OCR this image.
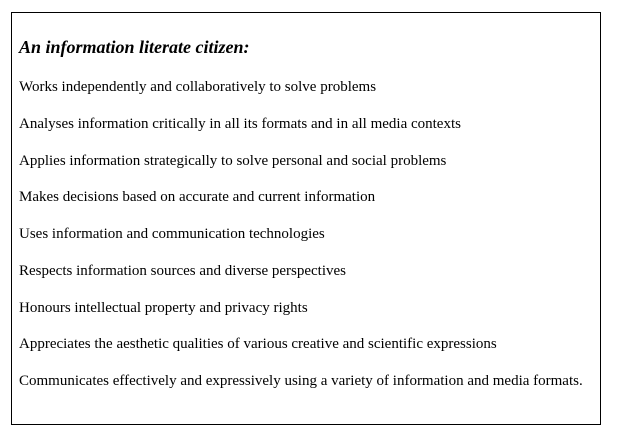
An information literate citizen:
Works independently and collaboratively to solve problems
Analyses information critically in all its formats and in all media contexts
Applies information strategically to solve personal and social problems
Makes decisions based on accurate and current information
Uses information and communication technologies
Respects information sources and diverse perspectives
Honours intellectual property and privacy rights
Appreciates the aesthetic qualities of various creative and scientific expressions
Communicates effectively and expressively using a variety of information and media formats.
